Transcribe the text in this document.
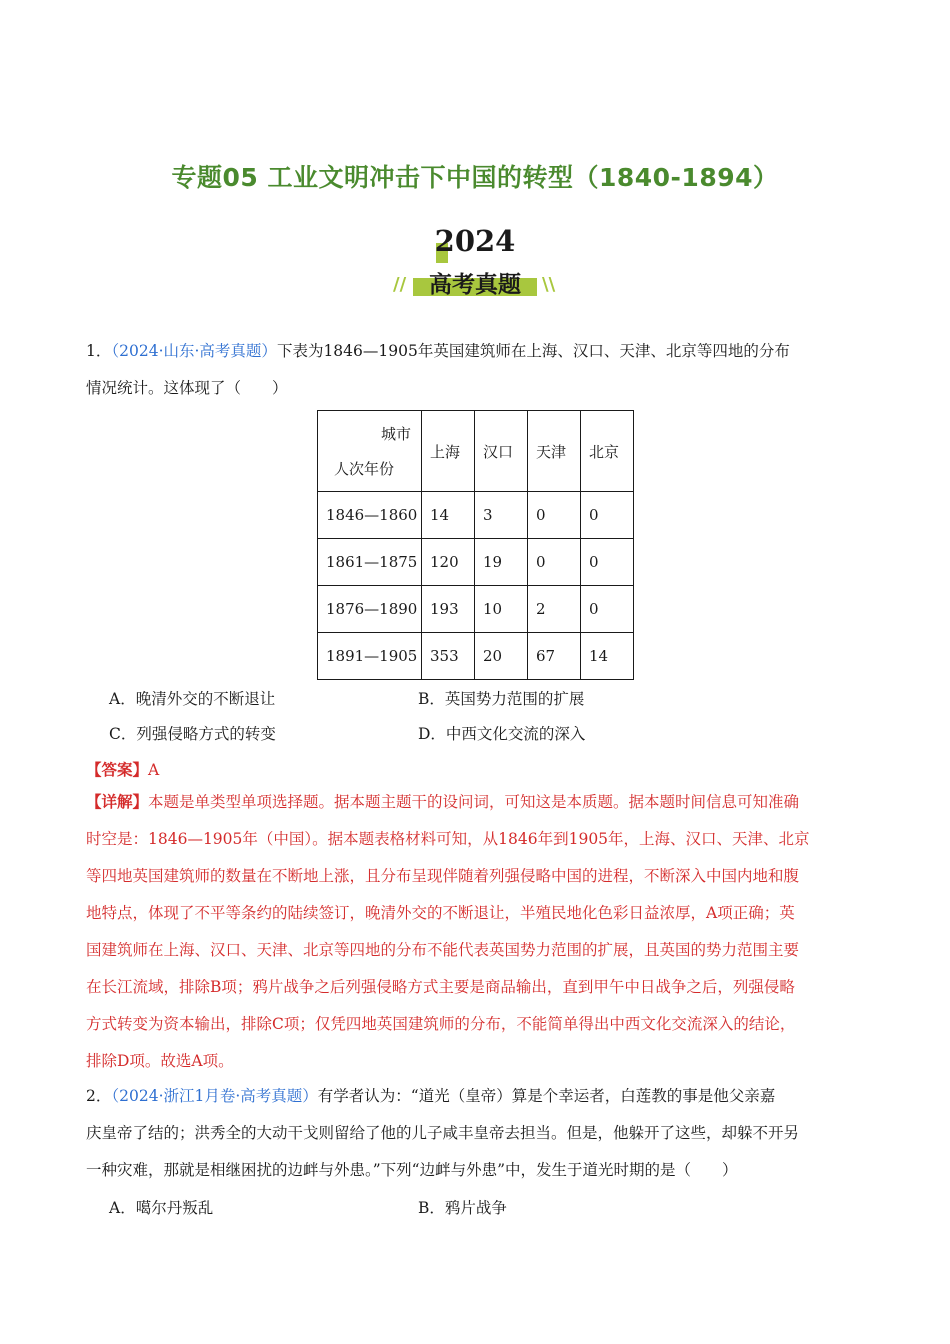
专题05 工业文明冲击下中国的转型（1840-1894）
2024
// 高考真题	\\
1．（2024·山东·高考真题）下表为1846—1905年英国建筑师在上海、汉口、天津、北京等四地的分布
情况统计。这体现了（　　）
城市
人次年份	上海	汉口	天津	北京
1846—1860	14	3	0	0
1861—1875	120	19	0	0
1876—1890	193	10	2	0
1891—1905	353	20	67	14
A．晚清外交的不断退让	B．英国势力范围的扩展
C．列强侵略方式的转变	D．中西文化交流的深入
【答案】A
【详解】本题是单类型单项选择题。据本题主题干的设问词，可知这是本质题。据本题时间信息可知准确
时空是：1846—1905年（中国）。据本题表格材料可知，从1846年到1905年，上海、汉口、天津、北京
等四地英国建筑师的数量在不断地上涨，且分布呈现伴随着列强侵略中国的进程，不断深入中国内地和腹
地特点，体现了不平等条约的陆续签订，晚清外交的不断退让，半殖民地化色彩日益浓厚，A项正确；英
国建筑师在上海、汉口、天津、北京等四地的分布不能代表英国势力范围的扩展，且英国的势力范围主要
在长江流域，排除B项；鸦片战争之后列强侵略方式主要是商品输出，直到甲午中日战争之后，列强侵略
方式转变为资本输出，排除C项；仅凭四地英国建筑师的分布，不能简单得出中西文化交流深入的结论，
排除D项。故选A项。
2．（2024·浙江1月卷·高考真题）有学者认为：“道光（皇帝）算是个幸运者，白莲教的事是他父亲嘉
庆皇帝了结的；洪秀全的大动干戈则留给了他的儿子咸丰皇帝去担当。但是，他躲开了这些，却躲不开另
一种灾难，那就是相继困扰的边衅与外患。”下列“边衅与外患”中，发生于道光时期的是（　　）
A．噶尔丹叛乱	B．鸦片战争
